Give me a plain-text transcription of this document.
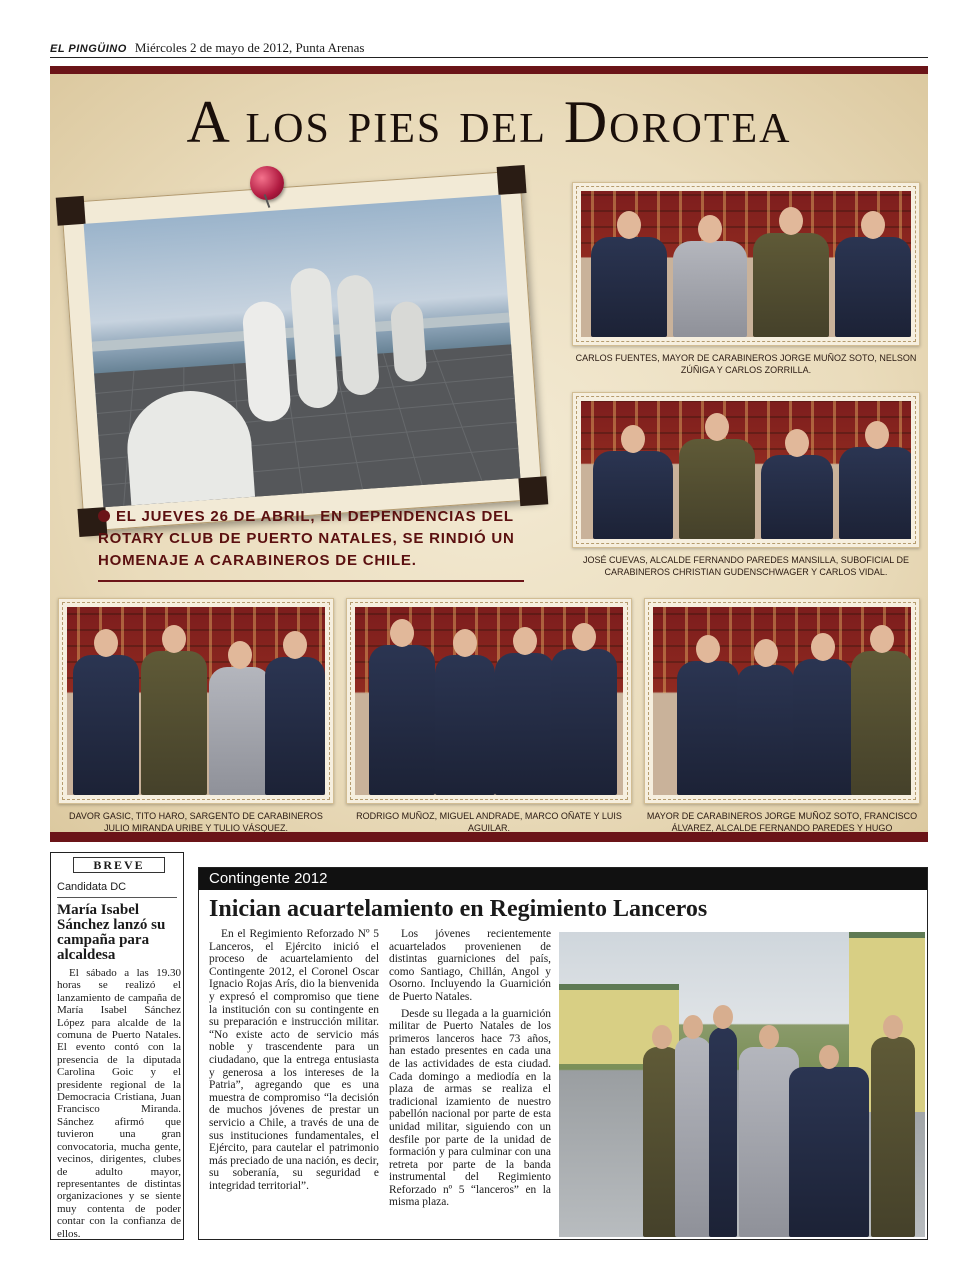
EL PINGÜINO Miércoles 2 de mayo de 2012, Punta Arenas
A los pies del Dorotea
EL JUEVES 26 DE ABRIL, EN DEPENDENCIAS DEL ROTARY CLUB DE PUERTO NATALES, SE RINDIÓ UN HOMENAJE A CARABINEROS DE CHILE.
CARLOS FUENTES, MAYOR DE CARABINEROS JORGE MUÑOZ SOTO, NELSON ZÚÑIGA Y CARLOS ZORRILLA.
JOSÉ CUEVAS, ALCALDE FERNANDO PAREDES MANSILLA, SUBOFICIAL DE CARABINEROS CHRISTIAN GUDENSCHWAGER Y CARLOS VIDAL.
DAVOR GASIC, TITO HARO, SARGENTO DE CARABINEROS JULIO MIRANDA URIBE Y TULIO VÁSQUEZ.
RODRIGO MUÑOZ, MIGUEL ANDRADE, MARCO OÑATE Y LUIS AGUILAR.
MAYOR DE CARABINEROS JORGE MUÑOZ SOTO, FRANCISCO ÁLVAREZ, ALCALDE FERNANDO PAREDES Y HUGO BAHAMONDE.
BREVE
Candidata DC
María Isabel Sánchez lanzó su campaña para alcaldesa
El sábado a las 19.30 horas se realizó el lanzamiento de campaña de María Isabel Sánchez López para alcalde de la comuna de Puerto Natales. El evento contó con la presencia de la diputada Carolina Goic y el presidente regional de la Democracia Cristiana, Juan Francisco Miranda. Sánchez afirmó que tuvieron una gran convocatoria, mucha gente, vecinos, dirigentes, clubes de adulto mayor, representantes de distintas organizaciones y se siente muy contenta de poder contar con la confianza de ellos.
Contingente 2012
Inician acuartelamiento en Regimiento Lanceros

En el Regimiento Reforzado Nº 5 Lanceros, el Ejército inició el proceso de acuartelamiento del Contingente 2012, el Coronel Oscar Ignacio Rojas Arís, dio la bienvenida y expresó el compromiso que tiene la institución con su contingente en su preparación e instrucción militar. “No existe acto de servicio más noble y trascendente para un ciudadano, que la entrega entusiasta y generosa a los intereses de la Patria”, agregando que es una muestra de compromiso “la decisión de muchos jóvenes de prestar un servicio a Chile, a través de una de sus instituciones fundamentales, el Ejército, para cautelar el patrimonio más preciado de una nación, es decir, su soberanía, su seguridad e integridad territorial”.

Los jóvenes recientemente acuartelados provenienen de distintas guarniciones del país, como Santiago, Chillán, Angol y Osorno. Incluyendo la Guarnición de Puerto Natales.

Desde su llegada a la guarnición militar de Puerto Natales de los primeros lanceros hace 73 años, han estado presentes en cada una de las actividades de esta ciudad. Cada domingo a mediodía en la plaza de armas se realiza el tradicional izamiento de nuestro pabellón nacional por parte de esta unidad militar, siguiendo con un desfile por parte de la unidad de formación y para culminar con una retreta por parte de la banda instrumental del Regimiento Reforzado nº 5 “lanceros” en la misma plaza.
